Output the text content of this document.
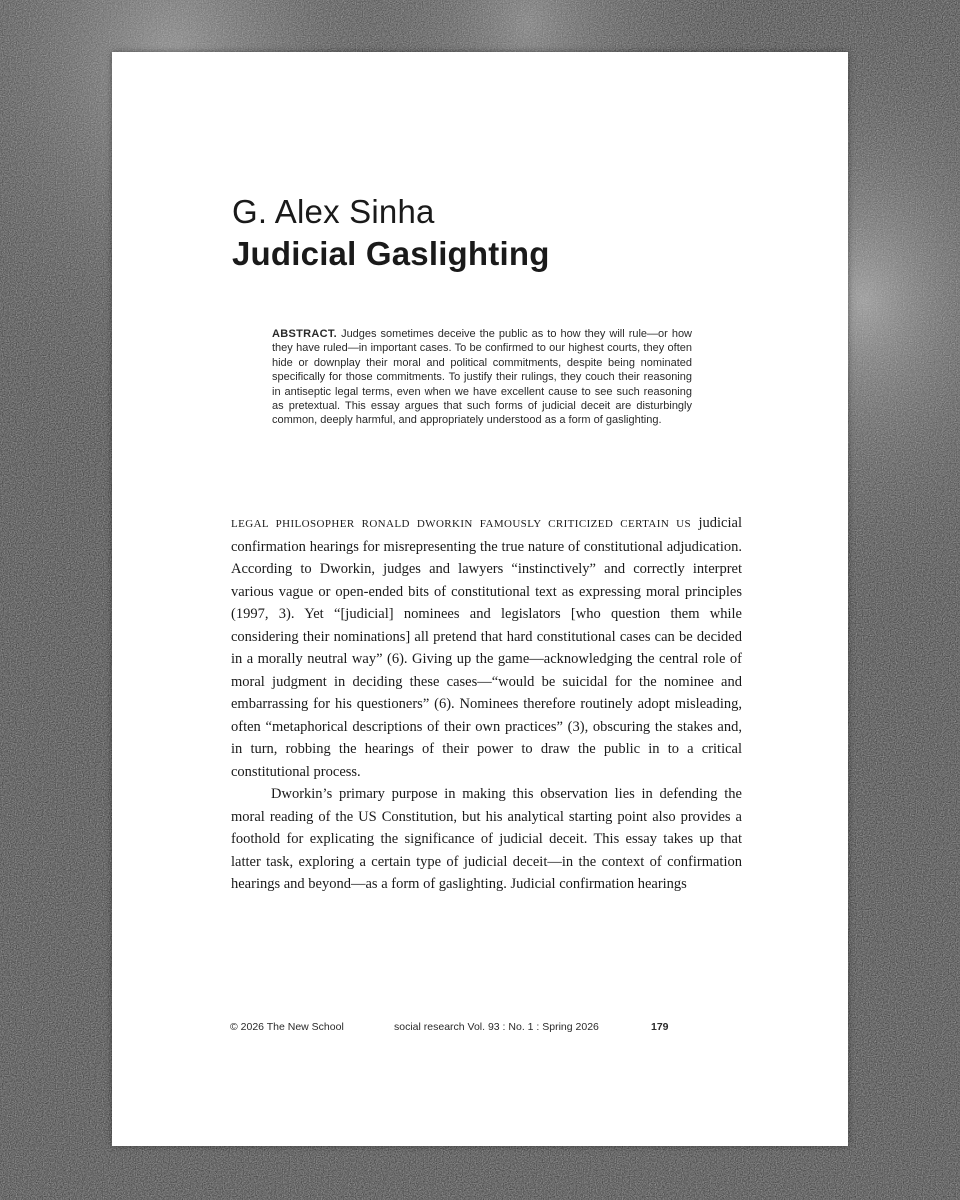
G. Alex Sinha
Judicial Gaslighting
ABSTRACT. Judges sometimes deceive the public as to how they will rule—or how they have ruled—in important cases. To be confirmed to our highest courts, they often hide or downplay their moral and political commitments, despite being nominated specifically for those commitments. To justify their rulings, they couch their reasoning in antiseptic legal terms, even when we have excellent cause to see such reasoning as pretextual. This essay argues that such forms of judicial deceit are disturbingly common, deeply harmful, and appropriately understood as a form of gaslighting.

LEGAL PHILOSOPHER RONALD DWORKIN FAMOUSLY CRITICIZED CERTAIN US judicial confirmation hearings for misrepresenting the true nature of constitutional adjudication. According to Dworkin, judges and lawyers “instinctively” and correctly interpret various vague or open-ended bits of constitutional text as expressing moral principles (1997, 3). Yet “[judicial] nominees and legislators [who question them while considering their nominations] all pretend that hard constitutional cases can be decided in a morally neutral way” (6). Giving up the game—acknowledging the central role of moral judgment in deciding these cases—“would be suicidal for the nominee and embarrassing for his questioners” (6). Nominees therefore routinely adopt misleading, often “metaphorical descriptions of their own practices” (3), obscuring the stakes and, in turn, robbing the hearings of their power to draw the public in to a critical constitutional process.

Dworkin’s primary purpose in making this observation lies in defending the moral reading of the US Constitution, but his analytical starting point also provides a foothold for explicating the significance of judicial deceit. This essay takes up that latter task, exploring a certain type of judicial deceit—in the context of confirmation hearings and beyond—as a form of gaslighting. Judicial confirmation hearings

© 2026 The New School	social research Vol. 93 : No. 1 : Spring 2026	179
